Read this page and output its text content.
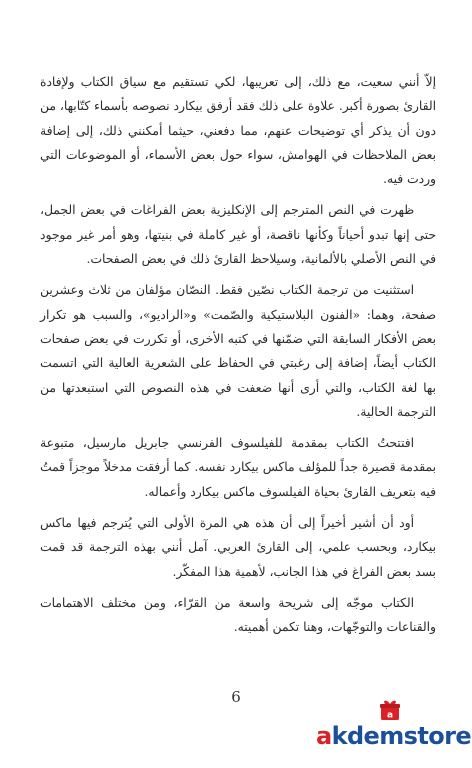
إلاّ أنني سعيت، مع ذلك، إلى تعريبها، لكي تستقيم مع سياق الكتاب ولإفادة القارئ بصورة أكبر. علاوة على ذلك فقد أرفق بيكارد نصوصه بأسماء كتّابها، من دون أن يذكر أي توضيحات عنهم، مما دفعني، حيثما أمكنني ذلك، إلى إضافة بعض الملاحظات في الهوامش، سواء حول بعض الأسماء، أو الموضوعات التي وردت فيه.

ظهرت في النص المترجم إلى الإنكليزية بعض الفراغات في بعض الجمل، حتى إنها تبدو أحياناً وكأنها ناقصة، أو غير كاملة في بنيتها، وهو أمر غير موجود في النص الأصلي بالألمانية، وسيلاحظ القارئ ذلك في بعض الصفحات.

استثنيت من ترجمة الكتاب نصّين فقط. النصّان مؤلفان من ثلاث وعشرين صفحة، وهما: «الفنون البلاستيكية والصّمت» و«الراديو»، والسبب هو تكرار بعض الأفكار السابقة التي ضمّنها في كتبه الأخرى، أو تكررت في بعض صفحات الكتاب أيضاً، إضافة إلى رغبتي في الحفاظ على الشعرية العالية التي اتسمت بها لغة الكتاب، والتي أرى أنها ضعفت في هذه النصوص التي استبعدتها من الترجمة الحالية.

افتتحتُ الكتاب بمقدمة للفيلسوف الفرنسي جابريل مارسيل، متبوعة بمقدمة قصيرة جداً للمؤلف ماكس بيكارد نفسه. كما أرفقت مدخلاً موجزاً قمتُ فيه بتعريف القارئ بحياة الفيلسوف ماكس بيكارد وأعماله.

أود أن أشير أخيراً إلى أن هذه هي المرة الأولى التي يُترجم فيها ماكس بيكارد، وبحسب علمي، إلى القارئ العربي. آمل أنني بهذه الترجمة قد قمت بسد بعض الفراغ في هذا الجانب، لأهمية هذا المفكّر.

الكتاب موجّه إلى شريحة واسعة من القرّاء، ومن مختلف الاهتمامات والقناعات والتوجّهات، وهنا تكمن أهميته.

6
a
akdemstore
